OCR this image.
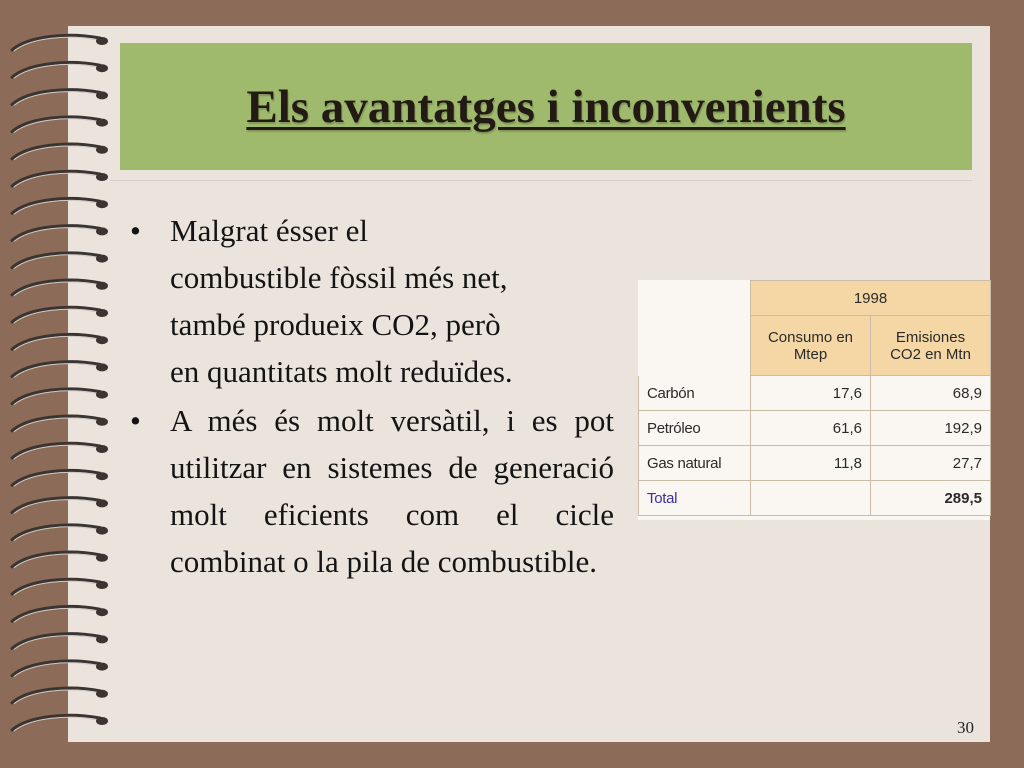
Els avantatges i inconvenients
• Malgrat ésser el
combustible fòssil més net,
també produeix CO2, però
en quantitats molt reduïdes.
• A més és molt versàtil, i es pot utilitzar en sistemes de generació molt eficients com el cicle combinat o la pila de combustible.
	1998	
	Consumo en Mtep	Emisiones CO2 en Mtn
Carbón	17,6	68,9
Petróleo	61,6	192,9
Gas natural	11,8	27,7
Total		289,5
30
